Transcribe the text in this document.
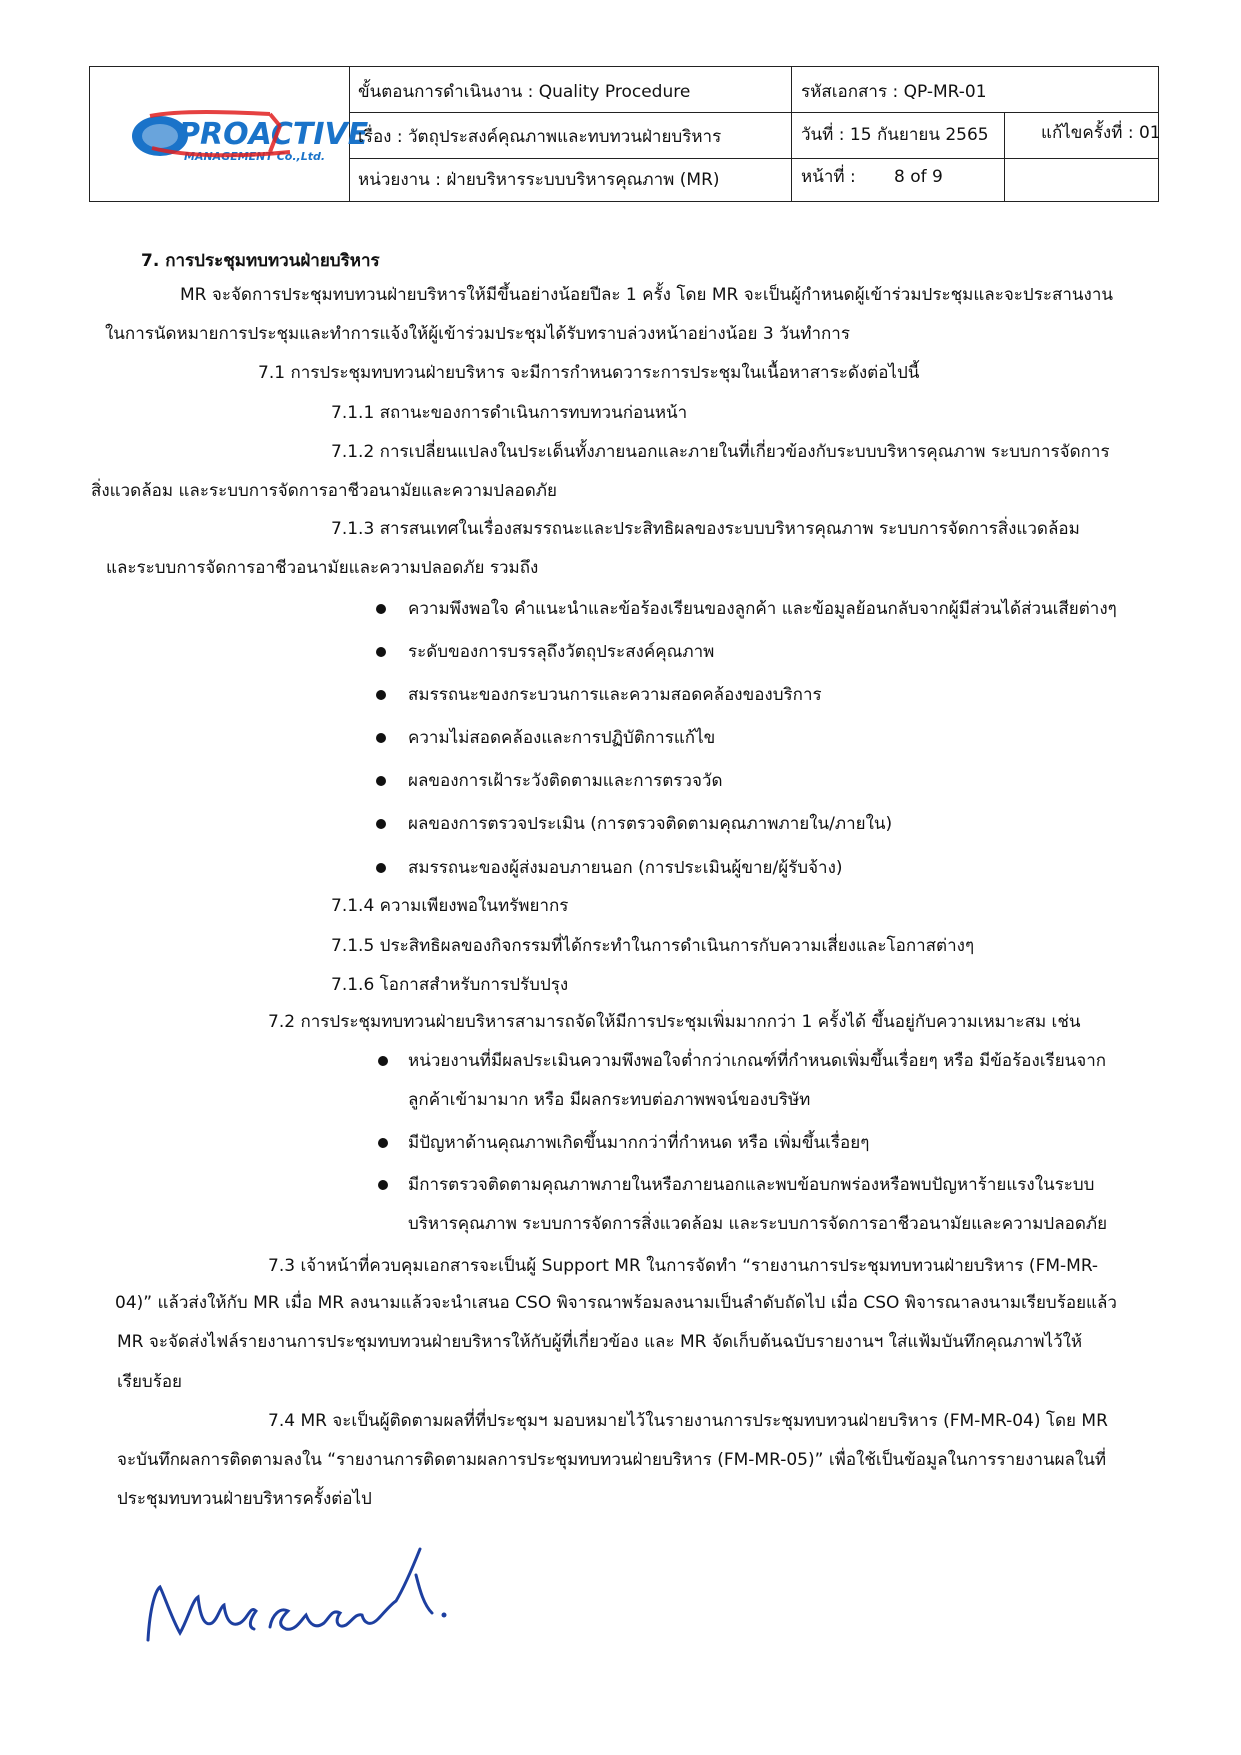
PROACTIVE
MANAGEMENT Co.,Ltd.
ขั้นตอนการดำเนินงาน : Quality Procedure	รหัสเอกสาร : QP-MR-01
เรื่อง : วัตถุประสงค์คุณภาพและทบทวนฝ่ายบริหาร	วันที่ : 15 กันยายน 2565	แก้ไขครั้งที่ : 01
หน่วยงาน : ฝ่ายบริหารระบบบริหารคุณภาพ (MR)	หน้าที่ : 8 of 9
7. การประชุมทบทวนฝ่ายบริหาร
MR จะจัดการประชุมทบทวนฝ่ายบริหารให้มีขึ้นอย่างน้อยปีละ 1 ครั้ง โดย MR จะเป็นผู้กำหนดผู้เข้าร่วมประชุมและจะประสานงาน
ในการนัดหมายการประชุมและทำการแจ้งให้ผู้เข้าร่วมประชุมได้รับทราบล่วงหน้าอย่างน้อย 3 วันทำการ
7.1 การประชุมทบทวนฝ่ายบริหาร จะมีการกำหนดวาระการประชุมในเนื้อหาสาระดังต่อไปนี้
7.1.1 สถานะของการดำเนินการทบทวนก่อนหน้า
7.1.2 การเปลี่ยนแปลงในประเด็นทั้งภายนอกและภายในที่เกี่ยวข้องกับระบบบริหารคุณภาพ ระบบการจัดการ
สิ่งแวดล้อม และระบบการจัดการอาชีวอนามัยและความปลอดภัย
7.1.3 สารสนเทศในเรื่องสมรรถนะและประสิทธิผลของระบบบริหารคุณภาพ ระบบการจัดการสิ่งแวดล้อม
และระบบการจัดการอาชีวอนามัยและความปลอดภัย รวมถึง
ความพึงพอใจ คำแนะนำและข้อร้องเรียนของลูกค้า และข้อมูลย้อนกลับจากผู้มีส่วนได้ส่วนเสียต่างๆ
ระดับของการบรรลุถึงวัตถุประสงค์คุณภาพ
สมรรถนะของกระบวนการและความสอดคล้องของบริการ
ความไม่สอดคล้องและการปฏิบัติการแก้ไข
ผลของการเฝ้าระวังติดตามและการตรวจวัด
ผลของการตรวจประเมิน (การตรวจติดตามคุณภาพภายใน/ภายใน)
สมรรถนะของผู้ส่งมอบภายนอก (การประเมินผู้ขาย/ผู้รับจ้าง)
7.1.4 ความเพียงพอในทรัพยากร
7.1.5 ประสิทธิผลของกิจกรรมที่ได้กระทำในการดำเนินการกับความเสี่ยงและโอกาสต่างๆ
7.1.6 โอกาสสำหรับการปรับปรุง
7.2 การประชุมทบทวนฝ่ายบริหารสามารถจัดให้มีการประชุมเพิ่มมากกว่า 1 ครั้งได้ ขึ้นอยู่กับความเหมาะสม เช่น
หน่วยงานที่มีผลประเมินความพึงพอใจต่ำกว่าเกณฑ์ที่กำหนดเพิ่มขึ้นเรื่อยๆ หรือ มีข้อร้องเรียนจาก
ลูกค้าเข้ามามาก หรือ มีผลกระทบต่อภาพพจน์ของบริษัท
มีปัญหาด้านคุณภาพเกิดขึ้นมากกว่าที่กำหนด หรือ เพิ่มขึ้นเรื่อยๆ
มีการตรวจติดตามคุณภาพภายในหรือภายนอกและพบข้อบกพร่องหรือพบปัญหาร้ายแรงในระบบ
บริหารคุณภาพ ระบบการจัดการสิ่งแวดล้อม และระบบการจัดการอาชีวอนามัยและความปลอดภัย
7.3 เจ้าหน้าที่ควบคุมเอกสารจะเป็นผู้ Support MR ในการจัดทำ “รายงานการประชุมทบทวนฝ่ายบริหาร (FM-MR-
04)” แล้วส่งให้กับ MR เมื่อ MR ลงนามแล้วจะนำเสนอ CSO พิจารณาพร้อมลงนามเป็นลำดับถัดไป เมื่อ CSO พิจารณาลงนามเรียบร้อยแล้ว
MR จะจัดส่งไฟล์รายงานการประชุมทบทวนฝ่ายบริหารให้กับผู้ที่เกี่ยวข้อง และ MR จัดเก็บต้นฉบับรายงานฯ ใส่แฟ้มบันทึกคุณภาพไว้ให้
เรียบร้อย
7.4 MR จะเป็นผู้ติดตามผลที่ที่ประชุมฯ มอบหมายไว้ในรายงานการประชุมทบทวนฝ่ายบริหาร (FM-MR-04) โดย MR
จะบันทึกผลการติดตามลงใน “รายงานการติดตามผลการประชุมทบทวนฝ่ายบริหาร (FM-MR-05)” เพื่อใช้เป็นข้อมูลในการรายงานผลในที่
ประชุมทบทวนฝ่ายบริหารครั้งต่อไป
